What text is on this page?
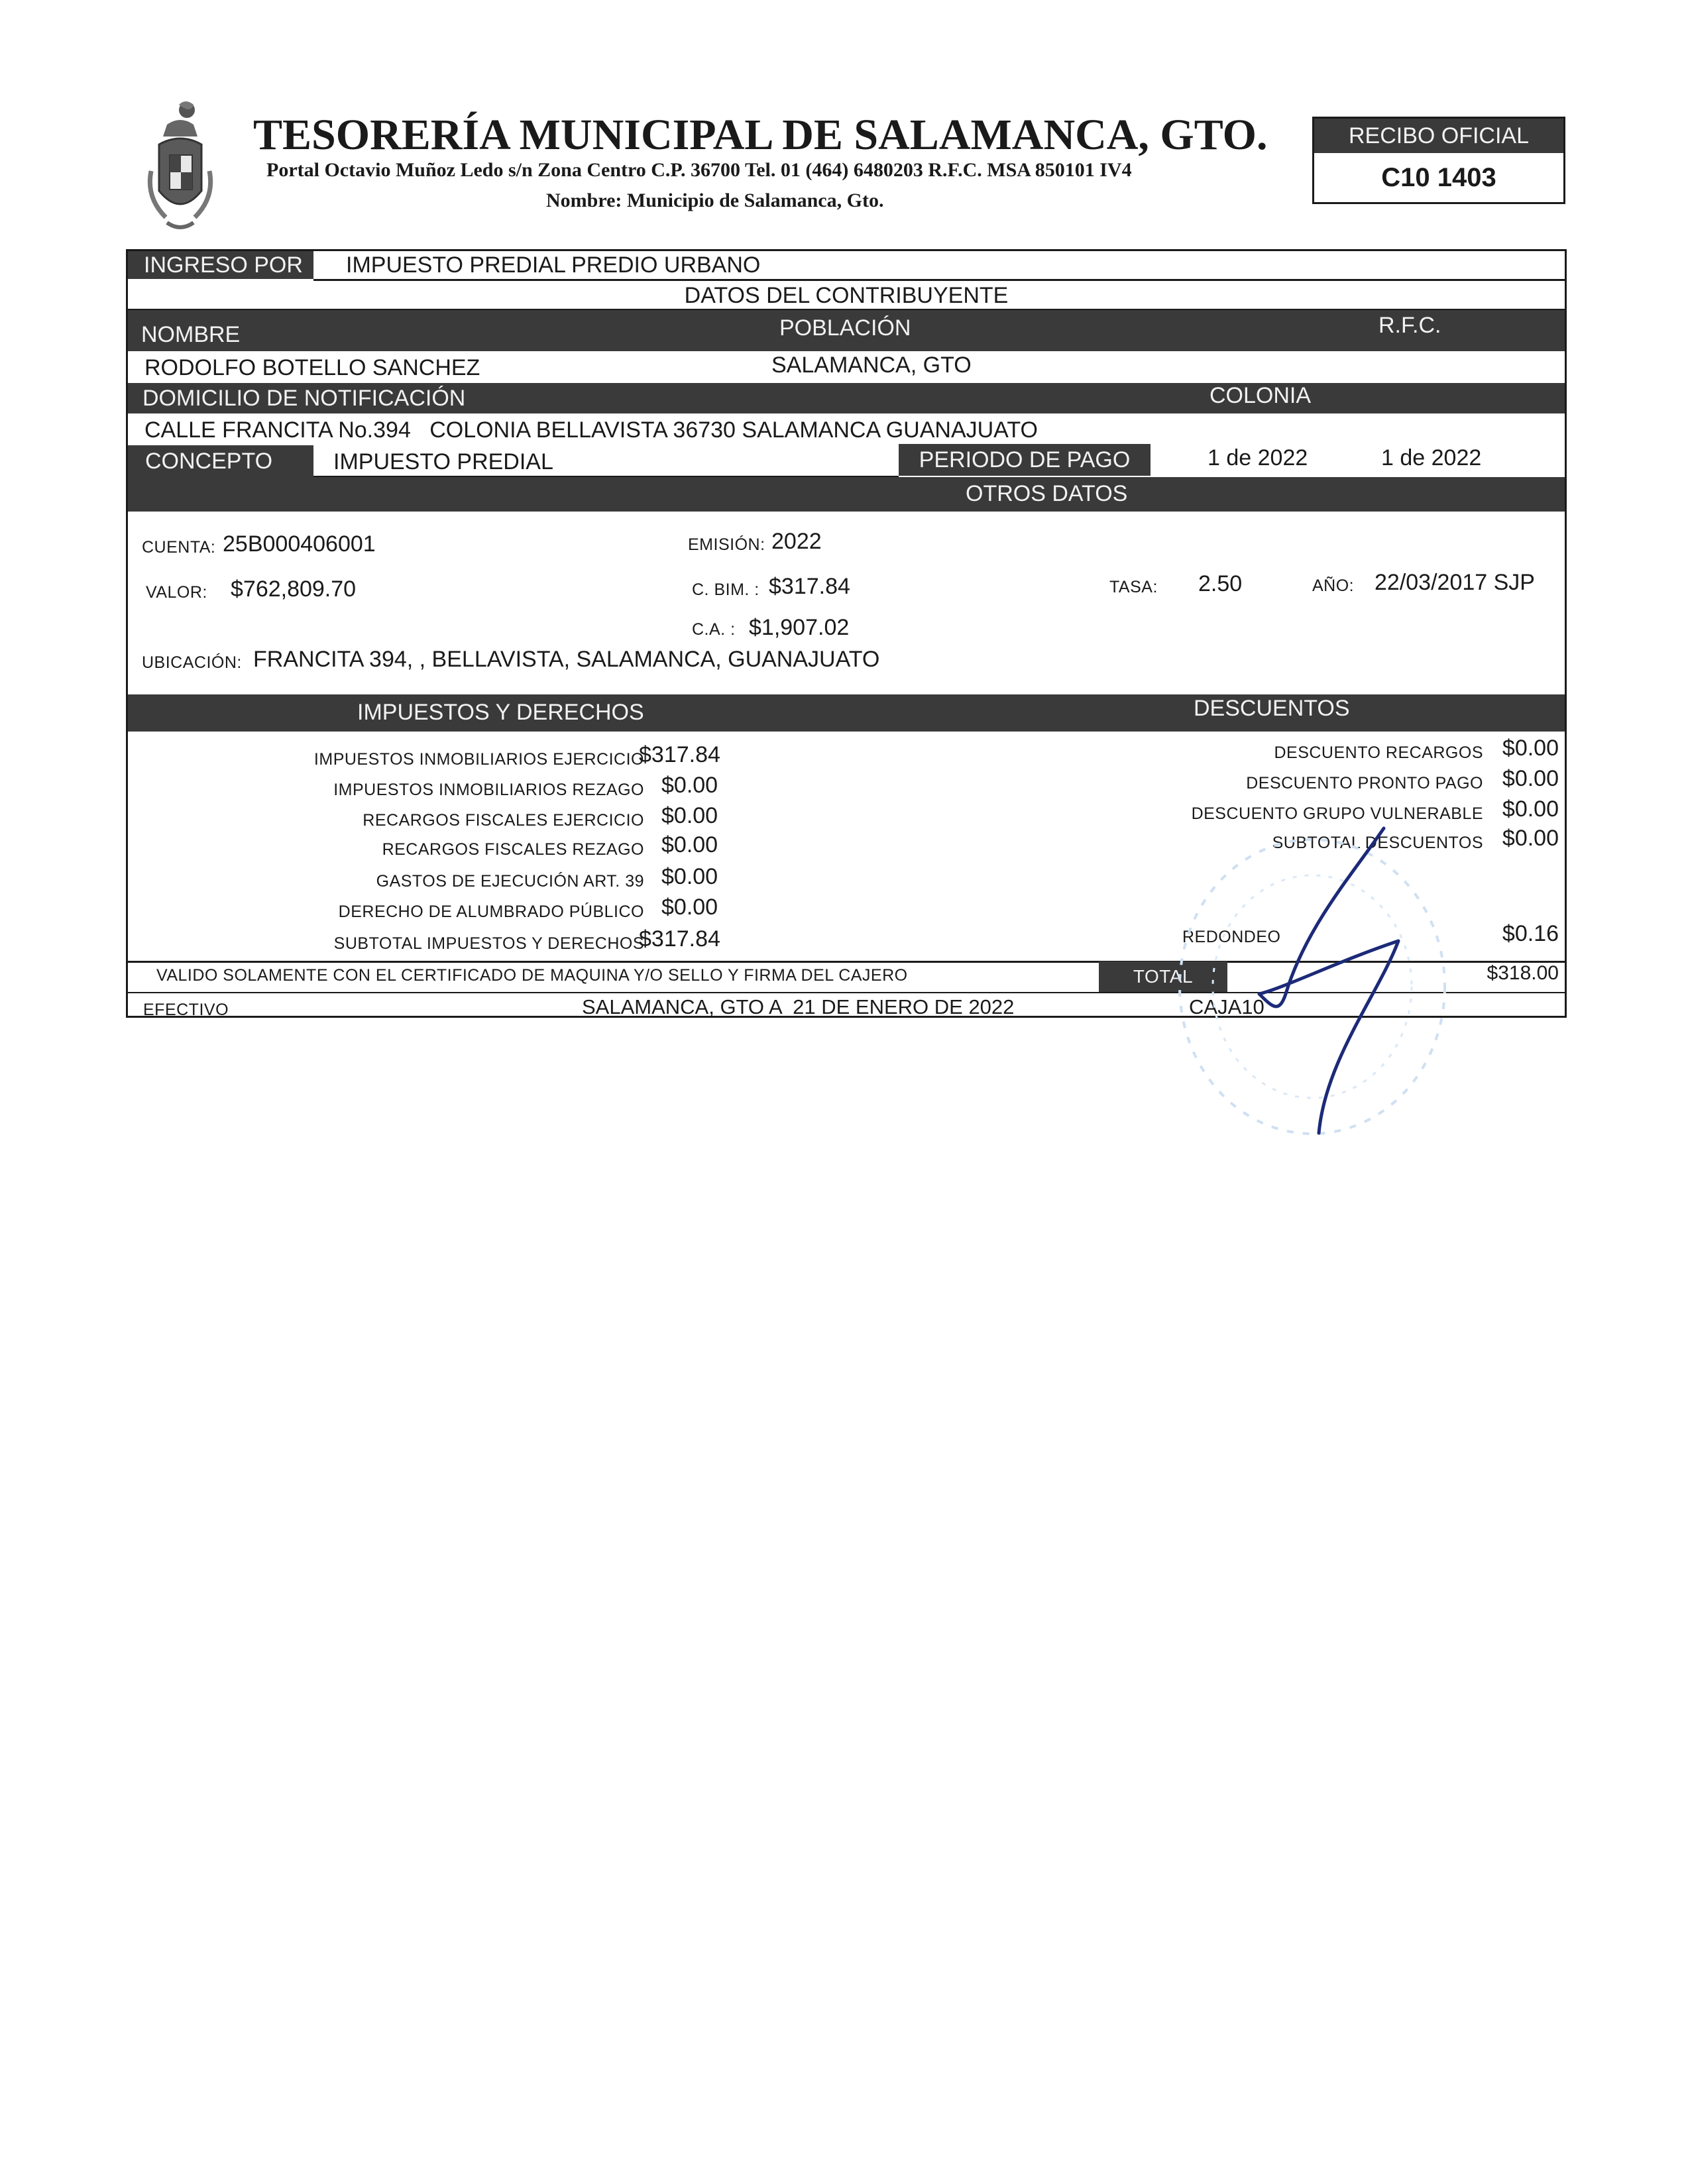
TESORERÍA MUNICIPAL DE SALAMANCA, GTO.
Portal Octavio Muñoz Ledo s/n Zona Centro C.P. 36700 Tel. 01 (464) 6480203 R.F.C. MSA 850101 IV4
Nombre: Municipio de Salamanca, Gto.
RECIBO OFICIAL
C10 1403
INGRESO POR	IMPUESTO PREDIAL PREDIO URBANO
DATOS DEL CONTRIBUYENTE
NOMBRE	POBLACIÓN	R.F.C.
RODOLFO BOTELLO SANCHEZ	SALAMANCA, GTO
DOMICILIO DE NOTIFICACIÓN	COLONIA
CALLE FRANCITA No.394   COLONIA BELLAVISTA 36730 SALAMANCA GUANAJUATO
CONCEPTO	IMPUESTO PREDIAL	PERIODO DE PAGO	1 de 2022	1 de 2022
OTROS DATOS
CUENTA: 25B000406001	EMISIÓN: 2022
VALOR: $762,809.70	C. BIM. : $317.84	TASA: 2.50	AÑO: 22/03/2017 SJP
C.A. : $1,907.02
UBICACIÓN: FRANCITA 394, , BELLAVISTA, SALAMANCA, GUANAJUATO
IMPUESTOS Y DERECHOS	DESCUENTOS
IMPUESTOS INMOBILIARIOS EJERCICIO
$317.84
IMPUESTOS INMOBILIARIOS REZAGO $0.00
RECARGOS FISCALES EJERCICIO $0.00
RECARGOS FISCALES REZAGO $0.00
GASTOS DE EJECUCIÓN ART. 39 $0.00
DERECHO DE ALUMBRADO PÚBLICO $0.00
SUBTOTAL IMPUESTOS Y DERECHOS
$317.84
DESCUENTO RECARGOS $0.00
DESCUENTO PRONTO PAGO $0.00
DESCUENTO GRUPO VULNERABLE $0.00
SUBTOTAL DESCUENTOS $0.00
REDONDEO	$0.16
VALIDO SOLAMENTE CON EL CERTIFICADO DE MAQUINA Y/O SELLO Y FIRMA DEL CAJERO	TOTAL	$318.00
EFECTIVO	SALAMANCA, GTO A  21 DE ENERO DE 2022	CAJA10
